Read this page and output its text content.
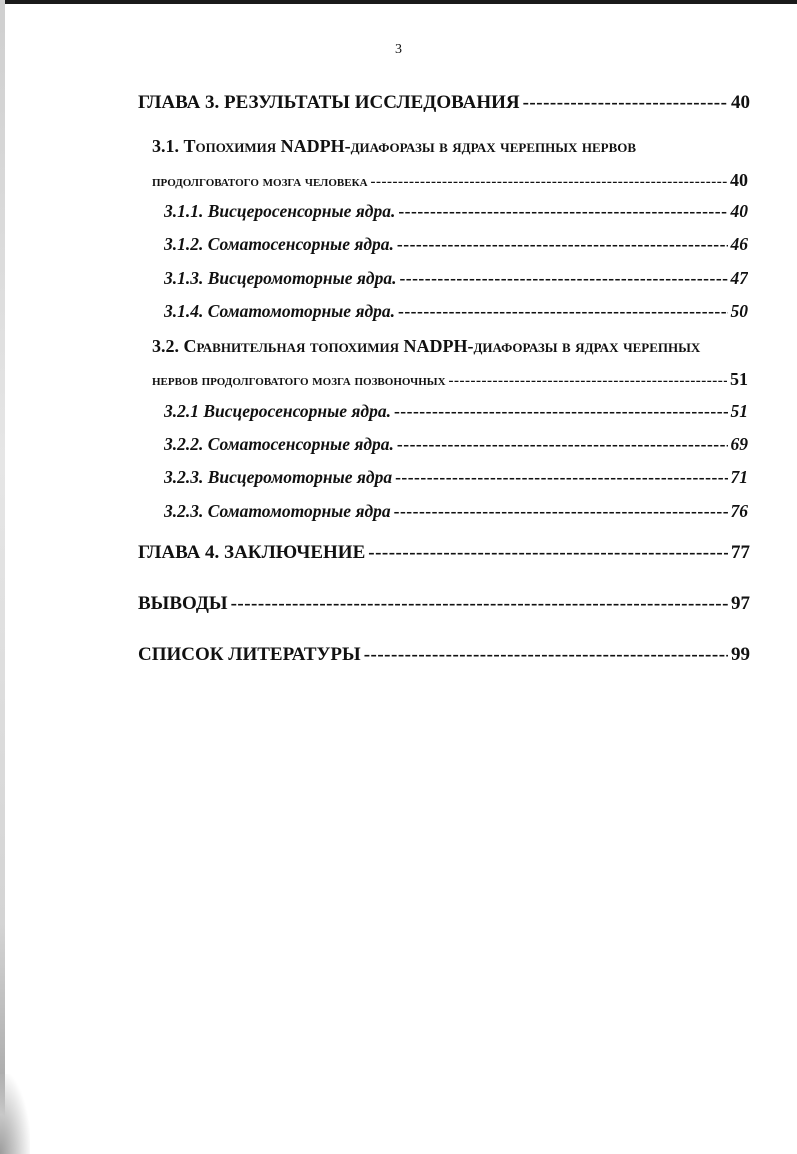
3
ГЛАВА 3. РЕЗУЛЬТАТЫ ИССЛЕДОВАНИЯ -----	40
3.1. Топохимия NADPH-диафоразы в ядрах черепных нервов
продолговатого мозга человека -----	40
3.1.1. Висцеросенсорные ядра. -----	40
3.1.2. Соматосенсорные ядра. -----	46
3.1.3. Висцеромоторные ядра. -----	47
3.1.4. Соматомоторные ядра. -----	50
3.2. Сравнительная топохимия NADPH-диафоразы в ядрах черепных
нервов продолговатого мозга позвоночных -----	51
3.2.1 Висцеросенсорные ядра. -----	51
3.2.2. Соматосенсорные ядра. -----	69
3.2.3. Висцеромоторные ядра -----	71
3.2.3. Соматомоторные ядра -----	76
ГЛАВА 4. ЗАКЛЮЧЕНИЕ -----	77
ВЫВОДЫ -----	97
СПИСОК ЛИТЕРАТУРЫ -----	99
